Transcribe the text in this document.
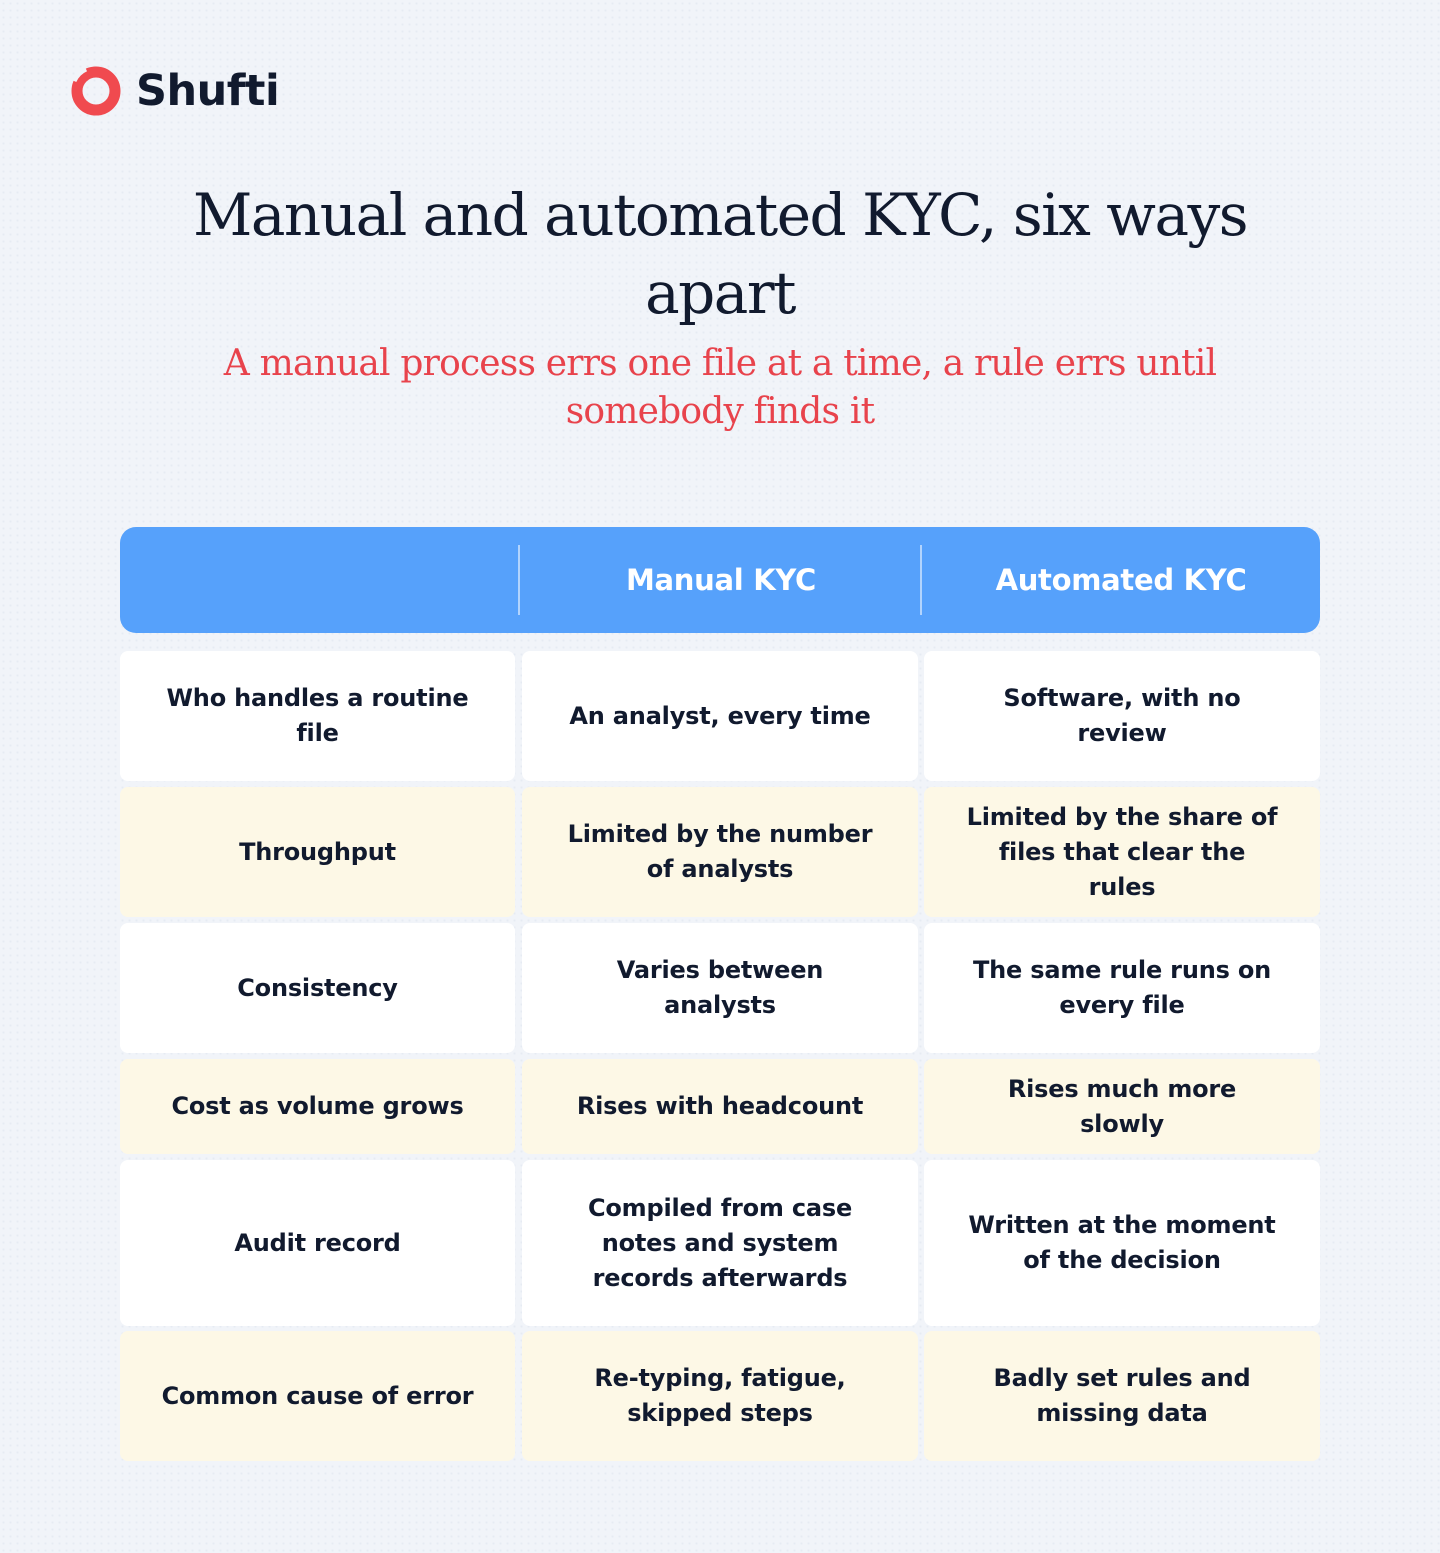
Shufti
Manual and automated KYC, six ways apart

A manual process errs one file at a time, a rule errs until somebody finds it

Manual KYC	Automated KYC
Who handles a routine file
An analyst, every time
Software, with no review
Throughput
Limited by the number of analysts
Limited by the share of files that clear the rules
Consistency
Varies between analysts
The same rule runs on every file
Cost as volume grows	Rises with headcount
Rises much more slowly
Audit record
Compiled from case notes and system records afterwards
Written at the moment of the decision
Common cause of error
Re-typing, fatigue, skipped steps
Badly set rules and missing data
